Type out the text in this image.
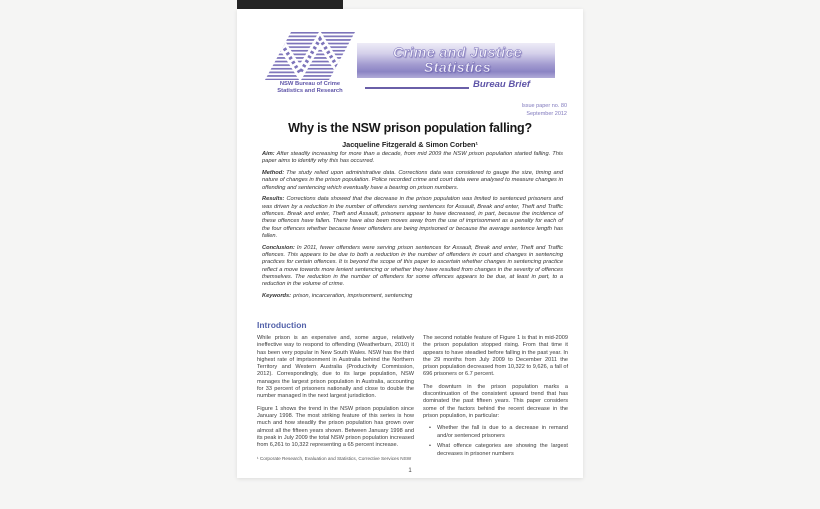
Crime and Justice
Statistics
NSW Bureau of Crime
Statistics and Research
Bureau Brief
Issue paper no. 80
September 2012
Why is the NSW prison population falling?
Jacqueline Fitzgerald & Simon Corben¹

Aim: After steadily increasing for more than a decade, from mid 2009 the NSW prison population started falling. This paper aims to identify why this has occurred.

Method: The study relied upon administrative data. Corrections data was considered to gauge the size, timing and nature of changes in the prison population. Police recorded crime and court data were analysed to measure changes in offending and sentencing which eventually have a bearing on prison numbers.

Results: Corrections data showed that the decrease in the prison population was limited to sentenced prisoners and was driven by a reduction in the number of offenders serving sentences for Assault, Break and enter, Theft and Traffic offences. Break and enter, Theft and Assault, prisoners appear to have decreased, in part, because the incidence of these offences have fallen. There have also been moves away from the use of imprisonment as a penalty for each of the four offences whether because fewer offenders are being imprisoned or because the average sentence length has fallen.

Conclusion: In 2011, fewer offenders were serving prison sentences for Assault, Break and enter, Theft and Traffic offences. This appears to be due to both a reduction in the number of offenders in court and changes in sentencing practices for certain offences. It is beyond the scope of this paper to ascertain whether changes in sentencing practice reflect a move towards more lenient sentencing or whether they have resulted from changes in the severity of offences themselves. The reduction in the number of offenders for some offences appears to be due, at least in part, to a reduction in the volume of crime.

Keywords: prison, incarceration, imprisonment, sentencing

Introduction

While prison is an expensive and, some argue, relatively ineffective way to respond to offending (Weatherburn, 2010) it has been very popular in New South Wales. NSW has the third highest rate of imprisonment in Australia behind the Northern Territory and Western Australia (Productivity Commission, 2012). Correspondingly, due to its large population, NSW manages the largest prison population in Australia, accounting for 33 percent of prisoners nationally and close to double the number managed in the next largest jurisdiction.

Figure 1 shows the trend in the NSW prison population since January 1998. The most striking feature of this series is how much and how steadily the prison population has grown over almost all the fifteen years shown. Between January 1998 and its peak in July 2009 the total NSW prison population increased from 6,261 to 10,322 representing a 65 percent increase.

The second notable feature of Figure 1 is that in mid-2009 the prison population stopped rising. From that time it appears to have steadied before falling in the past year. In the 29 months from July 2009 to December 2011 the prison population decreased from 10,322 to 9,626, a fall of 696 prisoners or 6.7 percent.

The downturn in the prison population marks a discontinuation of the consistent upward trend that has dominated the past fifteen years. This paper considers some of the factors behind the recent decrease in the prison population, in particular:

• Whether the fall is due to a decrease in remand and/or sentenced prisoners
• What offence categories are showing the largest decreases in prisoner numbers
¹ Corporate Research, Evaluation and Statistics, Corrective Services NSW
1
